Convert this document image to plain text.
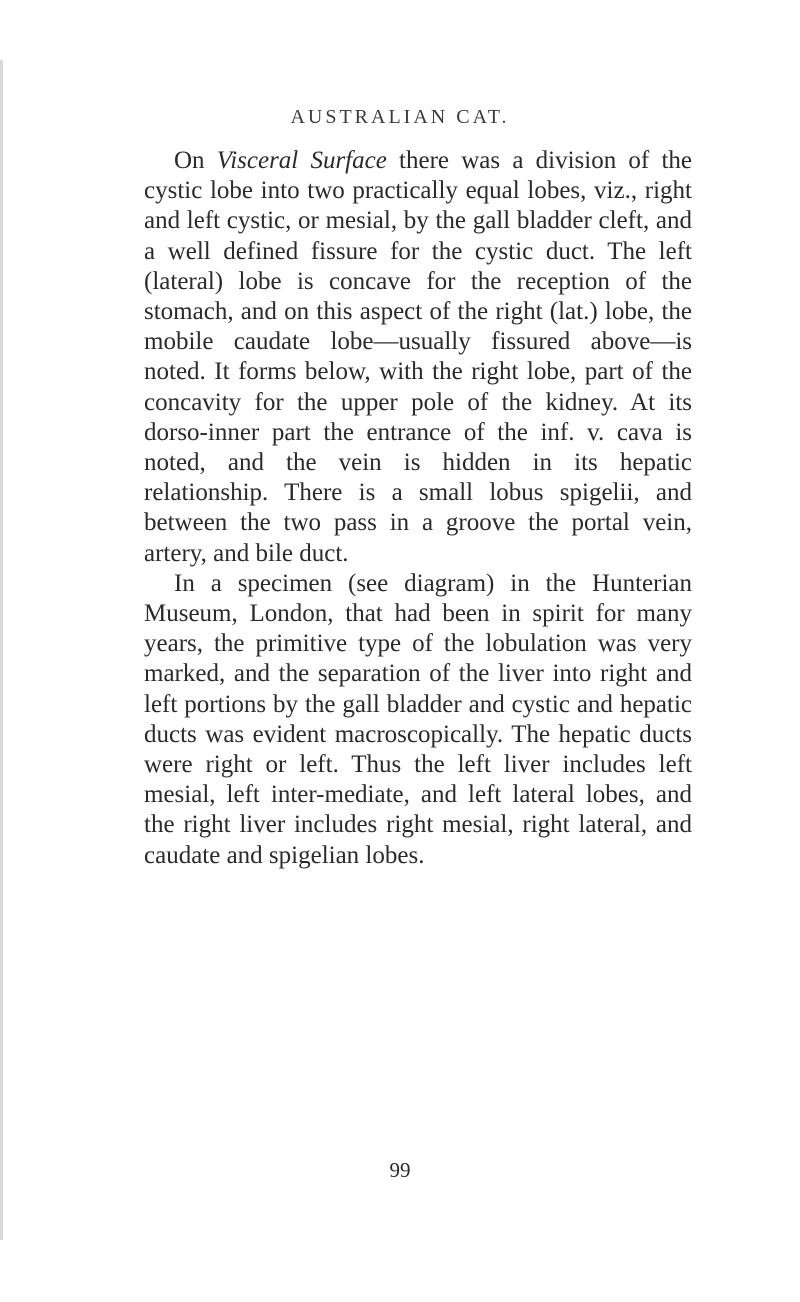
AUSTRALIAN CAT.

On Visceral Surface there was a division of the cystic lobe into two practically equal lobes, viz., right and left cystic, or mesial, by the gall bladder cleft, and a well defined fissure for the cystic duct. The left (lateral) lobe is concave for the reception of the stomach, and on this aspect of the right (lat.) lobe, the mobile caudate lobe—usually fissured above—is noted. It forms below, with the right lobe, part of the concavity for the upper pole of the kidney. At its dorso-inner part the entrance of the inf. v. cava is noted, and the vein is hidden in its hepatic relationship. There is a small lobus spigelii, and between the two pass in a groove the portal vein, artery, and bile duct.

In a specimen (see diagram) in the Hunterian Museum, London, that had been in spirit for many years, the primitive type of the lobulation was very marked, and the separation of the liver into right and left portions by the gall bladder and cystic and hepatic ducts was evident macroscopically. The hepatic ducts were right or left. Thus the left liver includes left mesial, left inter-mediate, and left lateral lobes, and the right liver includes right mesial, right lateral, and caudate and spigelian lobes.

99
